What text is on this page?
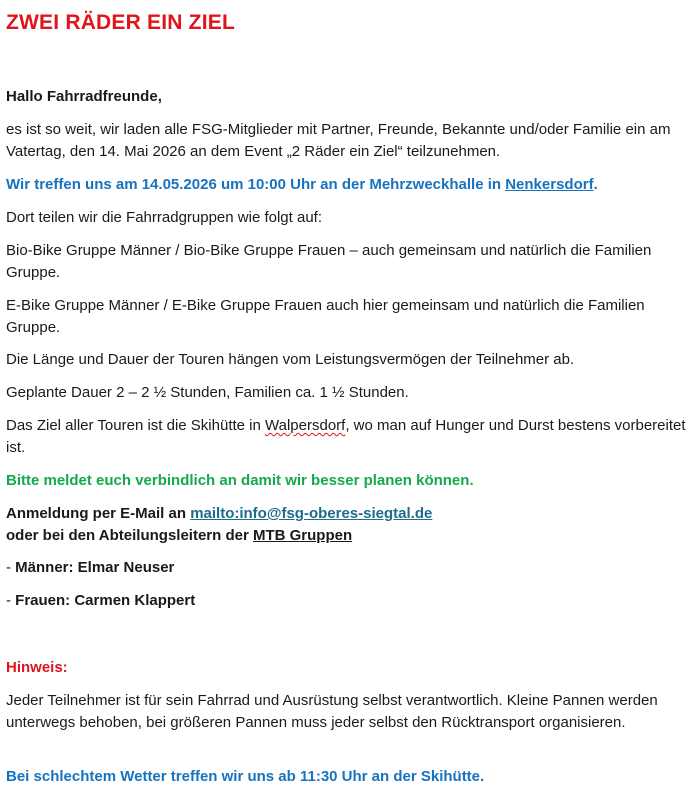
ZWEI RÄDER EIN ZIEL

Hallo Fahrradfreunde,

es ist so weit, wir laden alle FSG-Mitglieder mit Partner, Freunde, Bekannte und/oder Familie ein am Vatertag, den 14. Mai 2026 an dem Event „2 Räder ein Ziel“ teilzunehmen.

Wir treffen uns am 14.05.2026 um 10:00 Uhr an der Mehrzweckhalle in Nenkersdorf.

Dort teilen wir die Fahrradgruppen wie folgt auf:

Bio-Bike Gruppe Männer / Bio-Bike Gruppe Frauen – auch gemeinsam und natürlich die Familien Gruppe.

E-Bike Gruppe Männer / E-Bike Gruppe Frauen auch hier gemeinsam und natürlich die Familien Gruppe.

Die Länge und Dauer der Touren hängen vom Leistungsvermögen der Teilnehmer ab.

Geplante Dauer 2 – 2 ½ Stunden, Familien ca. 1 ½ Stunden.

Das Ziel aller Touren ist die Skihütte in Walpersdorf, wo man auf Hunger und Durst bestens vorbereitet ist.

Bitte meldet euch verbindlich an damit wir besser planen können.

Anmeldung per E-Mail an mailto:info@fsg-oberes-siegtal.de
oder bei den Abteilungsleitern der MTB Gruppen

- Männer: Elmar Neuser

- Frauen: Carmen Klappert

Hinweis:

Jeder Teilnehmer ist für sein Fahrrad und Ausrüstung selbst verantwortlich. Kleine Pannen werden unterwegs behoben, bei größeren Pannen muss jeder selbst den Rücktransport organisieren.

Bei schlechtem Wetter treffen wir uns ab 11:30 Uhr an der Skihütte.
